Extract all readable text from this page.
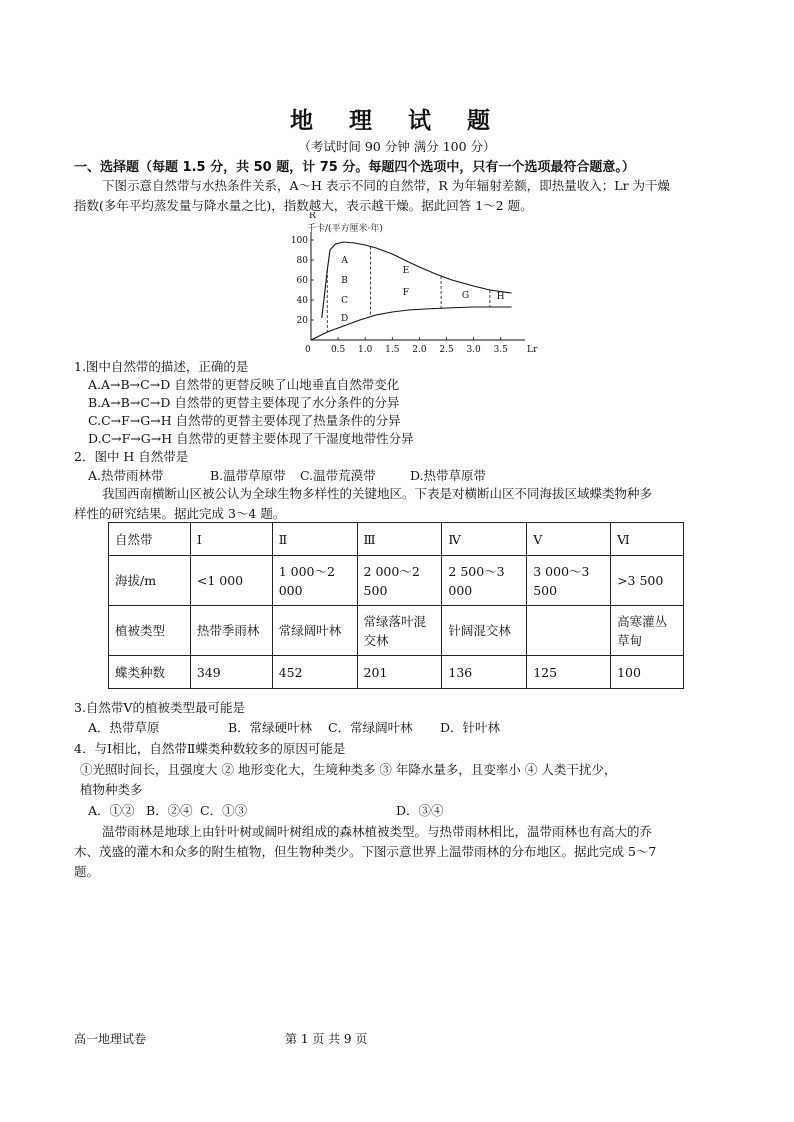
地 理 试 题
（考试时间 90 分钟 满分 100 分）
一、选择题（每题 1.5 分，共 50 题，计 75 分。每题四个选项中，只有一个选项最符合题意。）
下图示意自然带与水热条件关系，A～H 表示不同的自然带，R 为年辐射差额，即热量收入；Lr 为干燥
指数(多年平均蒸发量与降水量之比)，指数越大，表示越干燥。据此回答 1～2 题。
R
千卡/(平方厘米·年)
Lr
0
100
80
60
40
20
0.5 1.0 1.5 2.0 2.5 3.0 3.5
A
B
C
D
E
F	G	H
1.图中自然带的描述，正确的是
A.A→B→C→D 自然带的更替反映了山地垂直自然带变化
B.A→B→C→D 自然带的更替主要体现了水分条件的分异
C.C→F→G→H 自然带的更替主要体现了热量条件的分异
D.C→F→G→H 自然带的更替主要体现了干湿度地带性分异
2．图中 H 自然带是
A.热带雨林带	B.温带草原带 C.温带荒漠带	D.热带草原带
我国西南横断山区被公认为全球生物多样性的关键地区。下表是对横断山区不同海拔区域蝶类物种多
样性的研究结果。据此完成 3～4 题。
自然带	Ⅰ	Ⅱ	Ⅲ	Ⅳ	Ⅴ	Ⅵ
海拔/m	<1 000	1 000～2 000	2 000～2 500	2 500～3 000	3 000～3 500	>3 500
植被类型	热带季雨林	常绿阔叶林	常绿落叶混交林	针阔混交林		高寒灌丛草甸
蝶类种数	349	452	201	136	125	100
3.自然带Ⅴ的植被类型最可能是
A．热带草原	B．常绿硬叶林 C．常绿阔叶林 D．针叶林
4．与Ⅰ相比，自然带Ⅱ蝶类种数较多的原因可能是
①光照时间长，且强度大 ② 地形变化大，生境种类多 ③ 年降水量多，且变率小 ④ 人类干扰少，
植物种类多
A．①② B．②④ C．①③	D．③④
温带雨林是地球上由针叶树或阔叶树组成的森林植被类型。与热带雨林相比，温带雨林也有高大的乔
木、茂盛的灌木和众多的附生植物，但生物种类少。下图示意世界上温带雨林的分布地区。据此完成 5～7
题。
高一地理试卷	第 1 页 共 9 页
